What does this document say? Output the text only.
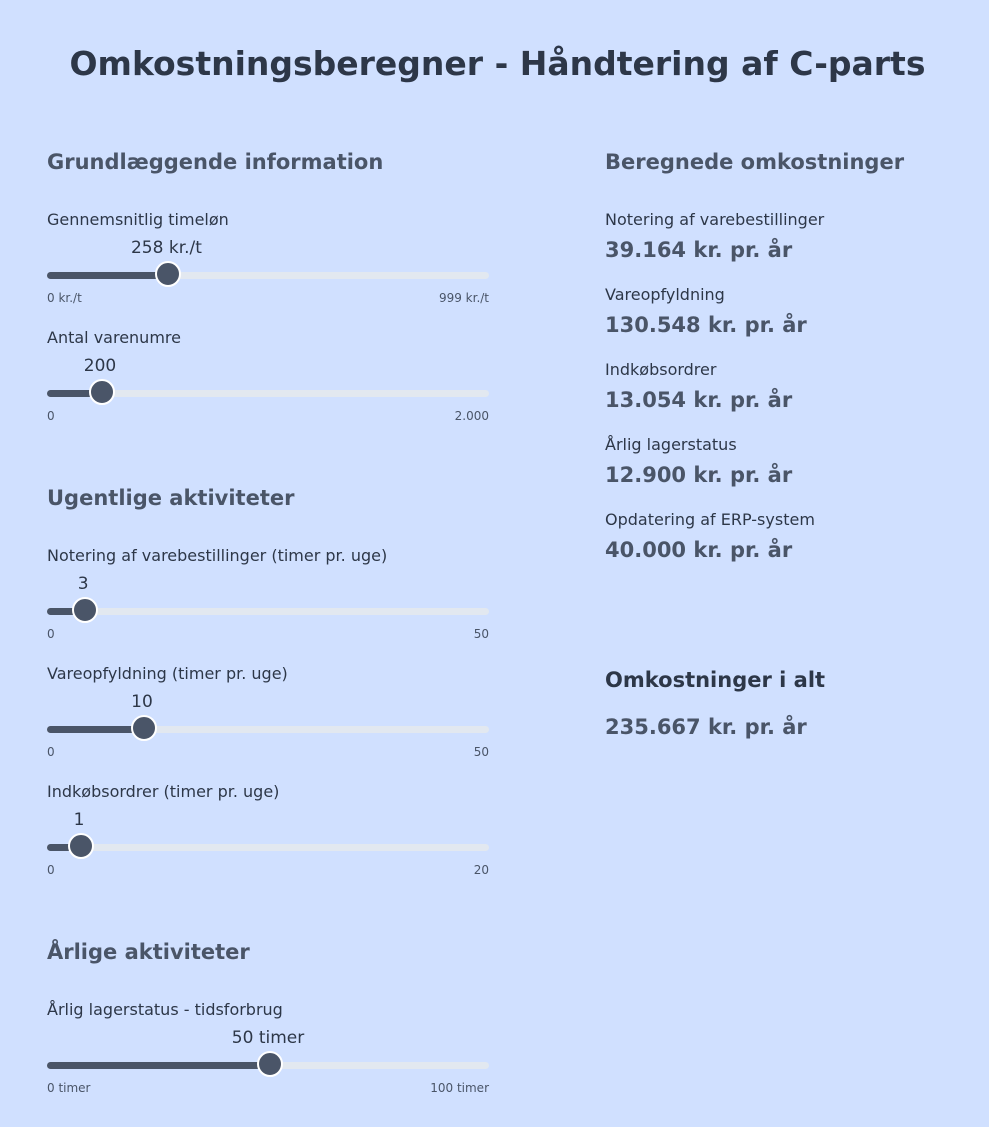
Omkostningsberegner - Håndtering af C-parts
Grundlæggende information
Gennemsnitlig timeløn
258 kr./t
0 kr./t	999 kr./t
Antal varenumre
200
0	2.000
Ugentlige aktiviteter
Notering af varebestillinger (timer pr. uge)
3
0	50
Vareopfyldning (timer pr. uge)
10
0	50
Indkøbsordrer (timer pr. uge)
1
0	20
Årlige aktiviteter
Årlig lagerstatus - tidsforbrug
50 timer
0 timer	100 timer
Beregnede omkostninger
Notering af varebestillinger
39.164 kr. pr. år
Vareopfyldning
130.548 kr. pr. år
Indkøbsordrer
13.054 kr. pr. år
Årlig lagerstatus
12.900 kr. pr. år
Opdatering af ERP-system
40.000 kr. pr. år
Omkostninger i alt
235.667 kr. pr. år
